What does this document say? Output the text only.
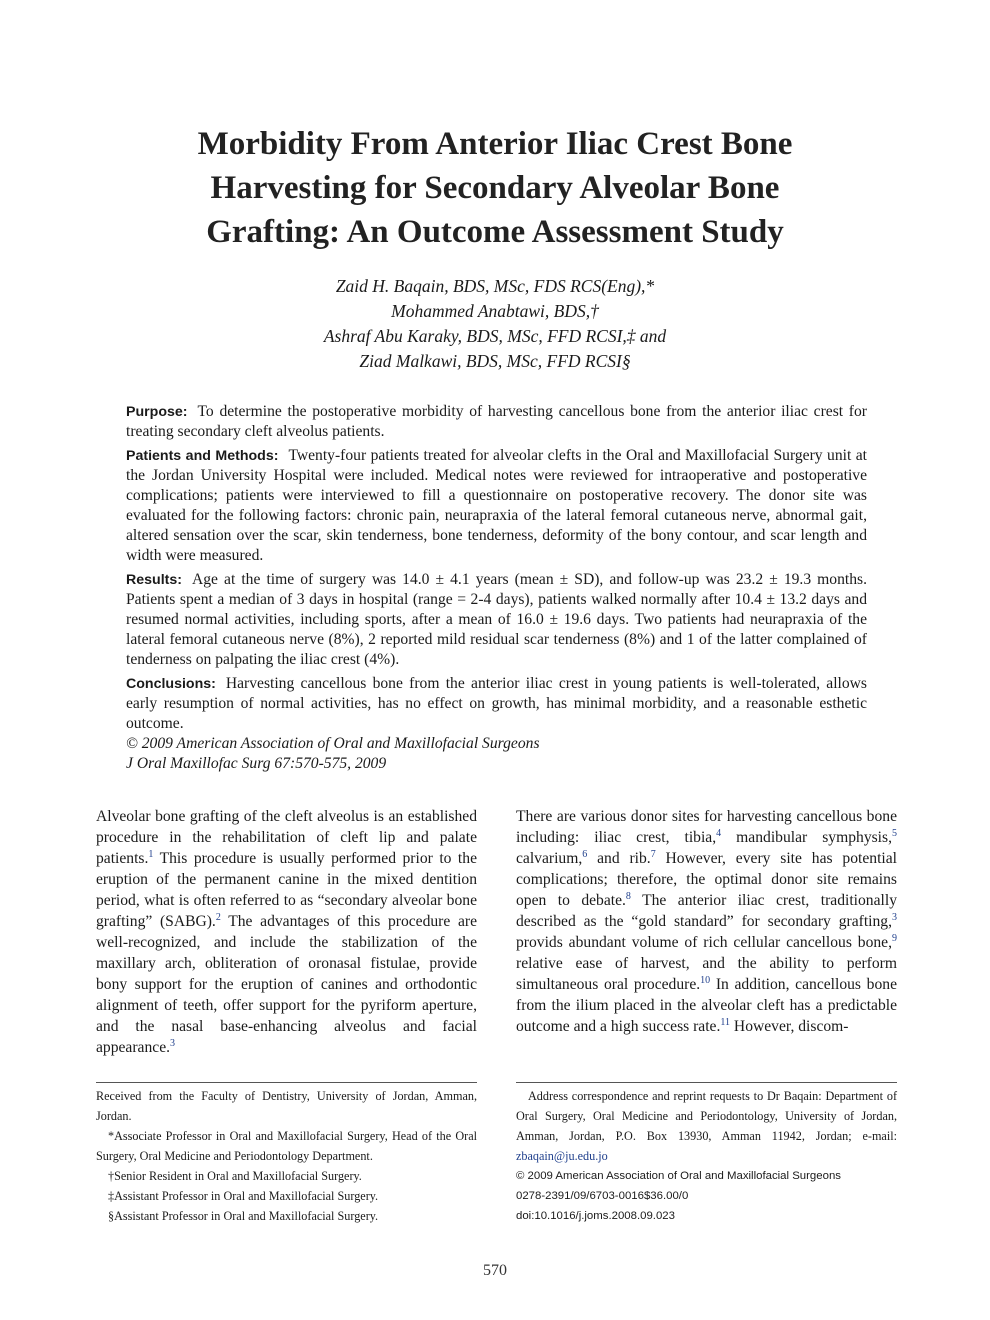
Morbidity From Anterior Iliac Crest Bone
Harvesting for Secondary Alveolar Bone
Grafting: An Outcome Assessment Study
Zaid H. Baqain, BDS, MSc, FDS RCS(Eng),*
Mohammed Anabtawi, BDS,†
Ashraf Abu Karaky, BDS, MSc, FFD RCSI,‡ and
Ziad Malkawi, BDS, MSc, FFD RCSI§

Purpose: To determine the postoperative morbidity of harvesting cancellous bone from the anterior iliac crest for treating secondary cleft alveolus patients.

Patients and Methods: Twenty-four patients treated for alveolar clefts in the Oral and Maxillofacial Surgery unit at the Jordan University Hospital were included. Medical notes were reviewed for intraoperative and postoperative complications; patients were interviewed to fill a questionnaire on postoperative recovery. The donor site was evaluated for the following factors: chronic pain, neurapraxia of the lateral femoral cutaneous nerve, abnormal gait, altered sensation over the scar, skin tenderness, bone tenderness, deformity of the bony contour, and scar length and width were measured.

Results: Age at the time of surgery was 14.0 ± 4.1 years (mean ± SD), and follow-up was 23.2 ± 19.3 months. Patients spent a median of 3 days in hospital (range = 2-4 days), patients walked normally after 10.4 ± 13.2 days and resumed normal activities, including sports, after a mean of 16.0 ± 19.6 days. Two patients had neurapraxia of the lateral femoral cutaneous nerve (8%), 2 reported mild residual scar tenderness (8%) and 1 of the latter complained of tenderness on palpating the iliac crest (4%).

Conclusions: Harvesting cancellous bone from the anterior iliac crest in young patients is well-tolerated, allows early resumption of normal activities, has no effect on growth, has minimal morbidity, and a reasonable esthetic outcome.

© 2009 American Association of Oral and Maxillofacial Surgeons

J Oral Maxillofac Surg 67:570-575, 2009

Alveolar bone grafting of the cleft alveolus is an established procedure in the rehabilitation of cleft lip and palate patients.$^1$ This procedure is usually performed prior to the eruption of the permanent canine in the mixed dentition period, what is often referred to as “secondary alveolar bone grafting” (SABG).$^2$ The advantages of this procedure are well-recognized, and include the stabilization of the maxillary arch, obliteration of oronasal fistulae, provide bony support for the eruption of canines and orthodontic alignment of teeth, offer support for the pyriform aperture, and the nasal base-enhancing alveolus and facial appearance.$^3$

There are various donor sites for harvesting cancellous bone including: iliac crest, tibia,$^4$ mandibular symphysis,$^5$ calvarium,$^6$ and rib.$^7$ However, every site has potential complications; therefore, the optimal donor site remains open to debate.$^8$ The anterior iliac crest, traditionally described as the “gold standard” for secondary grafting,$^3$ provids abundant volume of rich cellular cancellous bone,$^9$ relative ease of harvest, and the ability to perform simultaneous oral procedure.$^{10}$ In addition, cancellous bone from the ilium placed in the alveolar cleft has a predictable outcome and a high success rate.$^{11}$ However, discom-

Received from the Faculty of Dentistry, University of Jordan, Amman, Jordan.

*Associate Professor in Oral and Maxillofacial Surgery, Head of the Oral Surgery, Oral Medicine and Periodontology Department.

†Senior Resident in Oral and Maxillofacial Surgery.

‡Assistant Professor in Oral and Maxillofacial Surgery.

§Assistant Professor in Oral and Maxillofacial Surgery.

Address correspondence and reprint requests to Dr Baqain: Department of Oral Surgery, Oral Medicine and Periodontology, University of Jordan, Amman, Jordan, P.O. Box 13930, Amman 11942, Jordan; e-mail: zbaqain@ju.edu.jo

© 2009 American Association of Oral and Maxillofacial Surgeons

0278-2391/09/6703-0016$36.00/0

doi:10.1016/j.joms.2008.09.023

570
